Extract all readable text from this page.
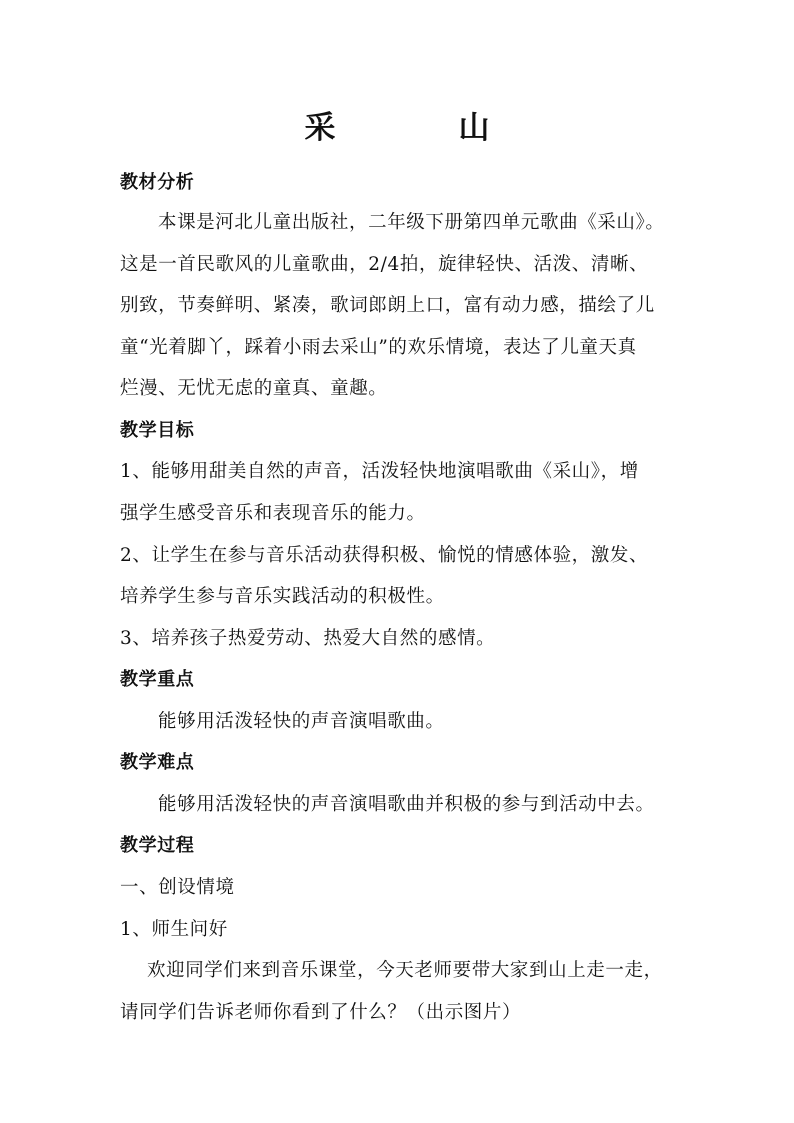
采　山
教材分析
本课是河北儿童出版社，二年级下册第四单元歌曲《采山》。
这是一首民歌风的儿童歌曲，2/4拍，旋律轻快、活泼、清晰、
别致，节奏鲜明、紧凑，歌词郎朗上口，富有动力感，描绘了儿
童“光着脚丫，踩着小雨去采山”的欢乐情境，表达了儿童天真
烂漫、无忧无虑的童真、童趣。
教学目标
1、能够用甜美自然的声音，活泼轻快地演唱歌曲《采山》，增
强学生感受音乐和表现音乐的能力。
2、让学生在参与音乐活动获得积极、愉悦的情感体验，激发、
培养学生参与音乐实践活动的积极性。
3、培养孩子热爱劳动、热爱大自然的感情。
教学重点
能够用活泼轻快的声音演唱歌曲。
教学难点
能够用活泼轻快的声音演唱歌曲并积极的参与到活动中去。
教学过程
一、创设情境
1、师生问好
欢迎同学们来到音乐课堂，今天老师要带大家到山上走一走，
请同学们告诉老师你看到了什么？（出示图片）
